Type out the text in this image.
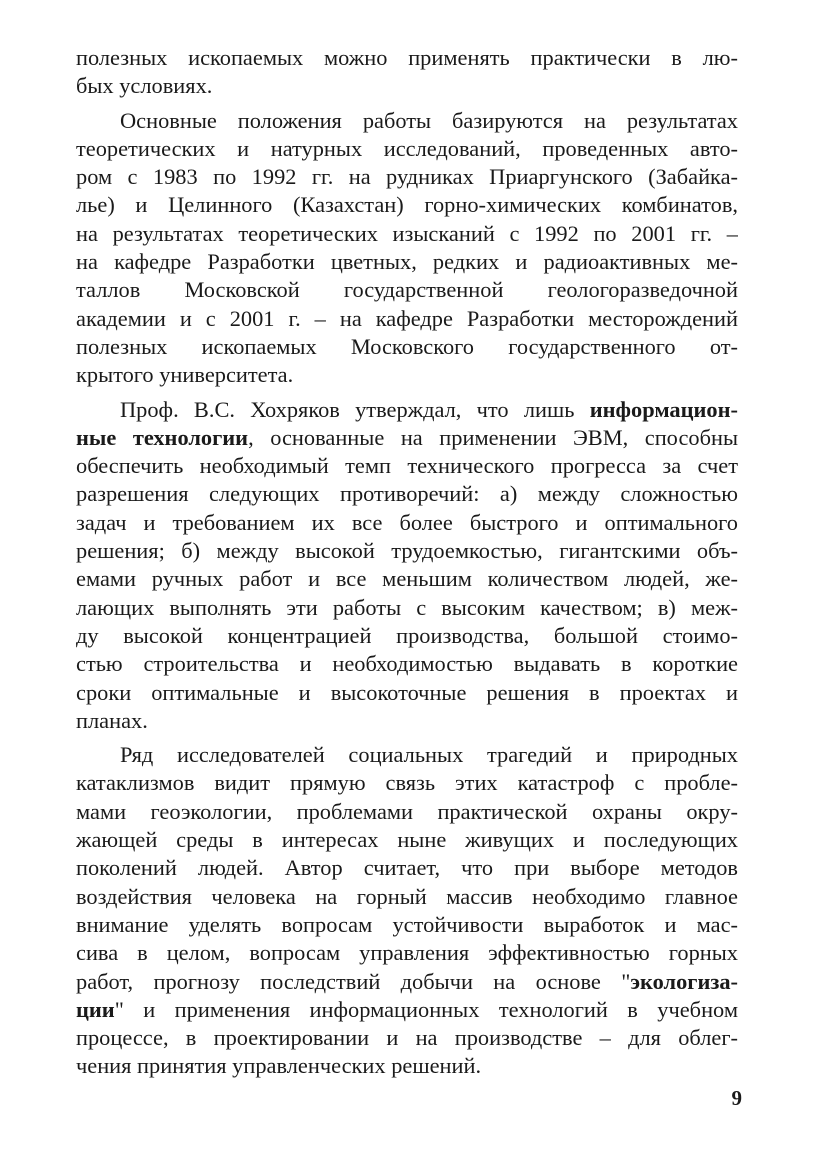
полезных ископаемых можно применять практически в лю-
бых условиях.
Основные положения работы базируются на результатах
теоретических и натурных исследований, проведенных авто-
ром с 1983 по 1992 гг. на рудниках Приаргунского (Забайка-
лье) и Целинного (Казахстан) горно-химических комбинатов,
на результатах теоретических изысканий с 1992 по 2001 гг. –
на кафедре Разработки цветных, редких и радиоактивных ме-
таллов Московской государственной геологоразведочной
академии и с 2001 г. – на кафедре Разработки месторождений
полезных ископаемых Московского государственного от-
крытого университета.
Проф. В.С. Хохряков утверждал, что лишь информацион-
ные технологии, основанные на применении ЭВМ, способны
обеспечить необходимый темп технического прогресса за счет
разрешения следующих противоречий: а) между сложностью
задач и требованием их все более быстрого и оптимального
решения; б) между высокой трудоемкостью, гигантскими объ-
емами ручных работ и все меньшим количеством людей, же-
лающих выполнять эти работы с высоким качеством; в) меж-
ду высокой концентрацией производства, большой стоимо-
стью строительства и необходимостью выдавать в короткие
сроки оптимальные и высокоточные решения в проектах и
планах.
Ряд исследователей социальных трагедий и природных
катаклизмов видит прямую связь этих катастроф с пробле-
мами геоэкологии, проблемами практической охраны окру-
жающей среды в интересах ныне живущих и последующих
поколений людей. Автор считает, что при выборе методов
воздействия человека на горный массив необходимо главное
внимание уделять вопросам устойчивости выработок и мас-
сива в целом, вопросам управления эффективностью горных
работ, прогнозу последствий добычи на основе "экологиза-
ции" и применения информационных технологий в учебном
процессе, в проектировании и на производстве – для облег-
чения принятия управленческих решений.
9
